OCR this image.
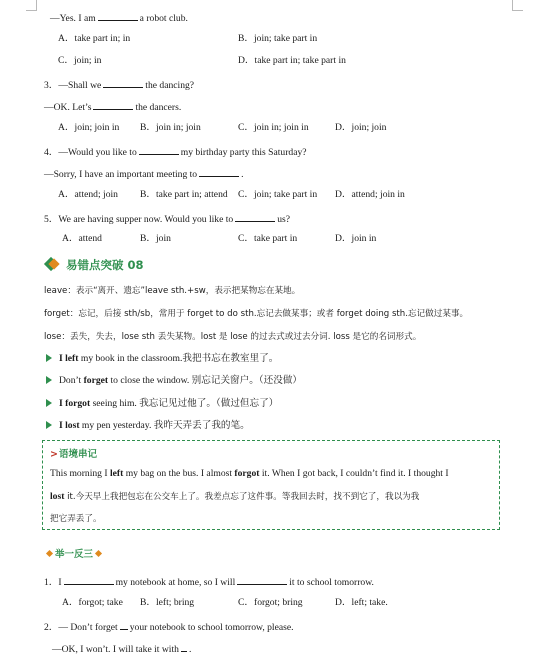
—Yes. I am	a robot club.
A．take part in; in	B．join; take part in
C．join; in	D．take part in; take part in
3．—Shall we	the dancing?
—OK. Let’s	the dancers.
A．join; join in B．join in; join	C．join in; join in	D．join; join
4．—Would you like to	my birthday party this Saturday?
—Sorry, I have an important meeting to	.
A．attend; join B．take part in; attend C．join; take part in D．attend; join in
5．We are having supper now. Would you like to	us?
A．attend	B．join	C．take part in	D．join in
易错点突破 08
leave：表示“离开、遗忘”leave sth.+sw，表示把某物忘在某地。
forget：忘记，后接 sth/sb，常用于 forget to do sth.忘记去做某事；或者 forget doing sth.忘记做过某事。
lose：丢失，失去，lose sth 丢失某物。lost 是 lose 的过去式或过去分词. loss 是它的名词形式。
I left my book in the classroom.我把书忘在教室里了。
Don’t forget to close the window. 别忘记关窗户。（还没做）
I forgot seeing him. 我忘记见过他了。（做过但忘了）
I lost my pen yesterday. 我昨天弄丢了我的笔。
>语境串记
This morning I left my bag on the bus. I almost forgot it. When I got back, I couldn’t find it. I thought I
lost it.今天早上我把包忘在公交车上了。我差点忘了这件事。等我回去时，找不到它了，我以为我
把它弄丢了。
举一反三
1．I	my notebook at home, so I will	it to school tomorrow.
A．forgot; take B．left; bring	C．forgot; bring	D．left; take.
2．— Don’t forget your notebook to school tomorrow, please.
—OK, I won’t. I will take it with .
